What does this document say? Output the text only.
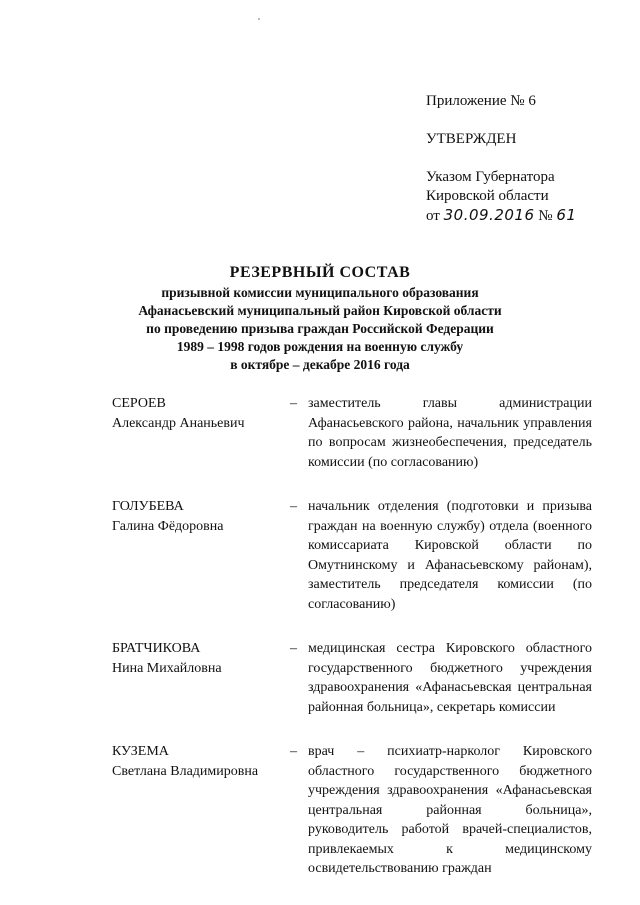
Приложение № 6
УТВЕРЖДЕН
Указом Губернатора
Кировской области
от 30.09.2016 № 61
РЕЗЕРВНЫЙ СОСТАВ
призывной комиссии муниципального образования
Афанасьевский муниципальный район Кировской области
по проведению призыва граждан Российской Федерации
1989 – 1998 годов рождения на военную службу
в октябре – декабре 2016 года
СЕРОЕВ
Александр Ананьевич
– заместитель главы администрации Афанасьевского района, начальник управления по вопросам жизнеобеспечения, председатель комиссии (по согласованию)
ГОЛУБЕВА
Галина Фёдоровна
– начальник отделения (подготовки и призыва граждан на военную службу) отдела (военного комиссариата Кировской области по Омутнинскому и Афанасьевскому районам), заместитель председателя комиссии (по согласованию)
БРАТЧИКОВА
Нина Михайловна
– медицинская сестра Кировского областного государственного бюджетного учреждения здравоохранения «Афанасьевская центральная районная больница», секретарь комиссии
КУЗЕМА
Светлана Владимировна
– врач – психиатр-нарколог Кировского областного государственного бюджетного учреждения здравоохранения «Афанасьевская центральная районная больница», руководитель работой врачей-специалистов, привлекаемых к медицинскому освидетельствованию граждан
